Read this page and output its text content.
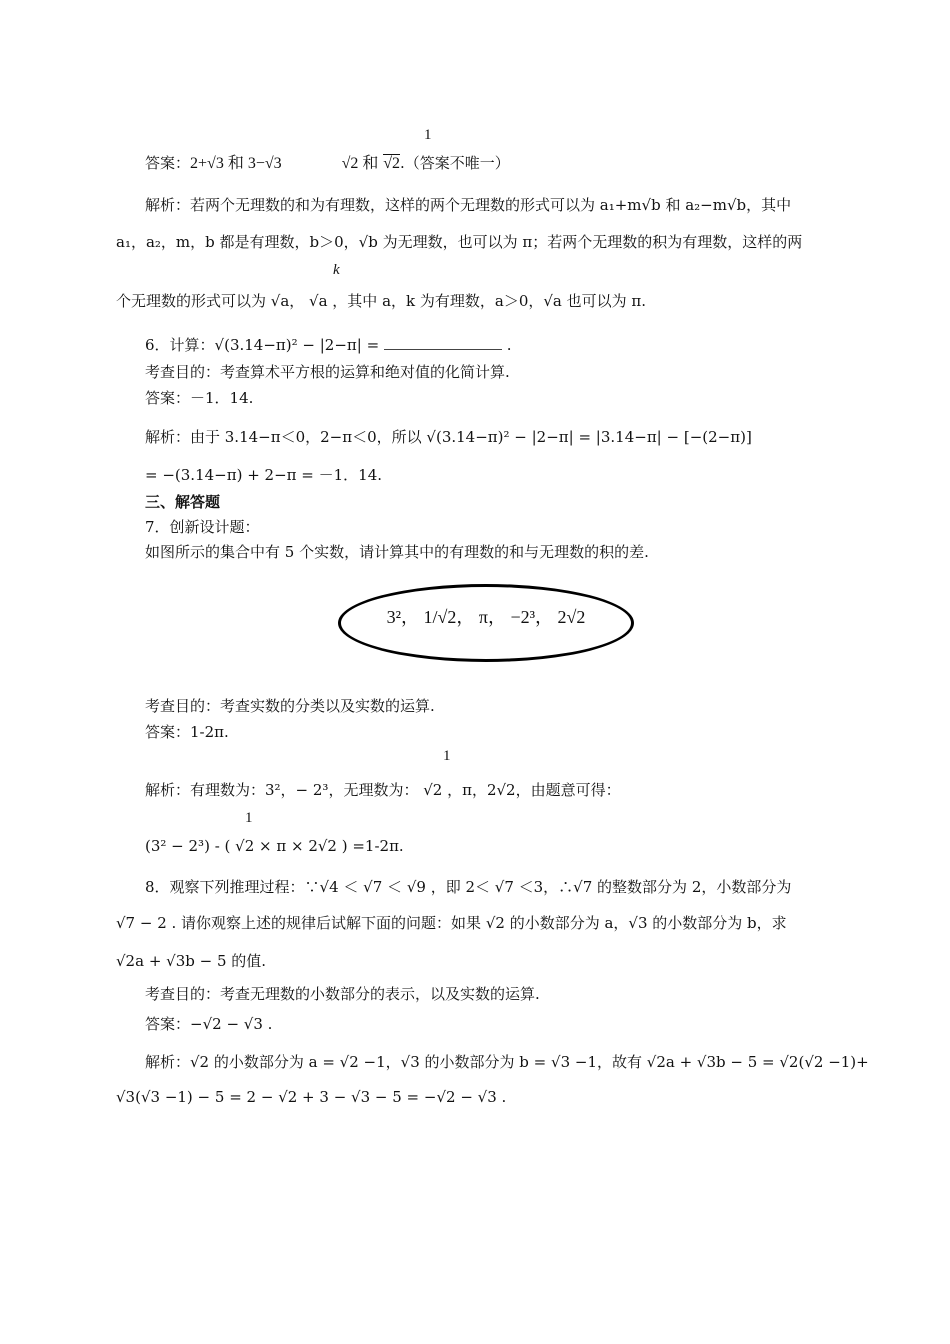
1
答案：2+√3 和 3−√3	√2 和 √2.（答案不唯一）
解析：若两个无理数的和为有理数，这样的两个无理数的形式可以为 a₁+m√b 和 a₂−m√b，其中
a₁，a₂，m，b 都是有理数，b＞0，√b 为无理数，也可以为 π；若两个无理数的积为有理数，这样的两
k
个无理数的形式可以为 √a， √a ，其中 a，k 为有理数，a＞0，√a 也可以为 π.
6．计算：√(3.14−π)² − |2−π| =	.
考查目的：考查算术平方根的运算和绝对值的化简计算.
答案：－1．14.
解析：由于 3.14−π＜0，2−π＜0，所以 √(3.14−π)² − |2−π| = |3.14−π| − [−(2−π)]
= −(3.14−π) + 2−π = －1．14.
三、解答题
7．创新设计题：
如图所示的集合中有 5 个实数，请计算其中的有理数的和与无理数的积的差.
3²， 1/√2， π， −2³， 2√2
考查目的：考查实数的分类以及实数的运算.
答案：1-2π.
1
解析：有理数为：3²，− 2³，无理数为： √2 ，π，2√2，由题意可得：
1
(3² − 2³) - ( √2 × π × 2√2 ) =1-2π.
8．观察下列推理过程：∵√4 ＜ √7 ＜ √9 ，即 2＜ √7 ＜3，∴√7 的整数部分为 2，小数部分为
√7 − 2 . 请你观察上述的规律后试解下面的问题：如果 √2 的小数部分为 a，√3 的小数部分为 b，求
√2a + √3b − 5 的值.
考查目的：考查无理数的小数部分的表示，以及实数的运算.
答案：−√2 − √3 .
解析：√2 的小数部分为 a = √2 −1，√3 的小数部分为 b = √3 −1，故有 √2a + √3b − 5 = √2(√2 −1)+
√3(√3 −1) − 5 = 2 − √2 + 3 − √3 − 5 = −√2 − √3 .
